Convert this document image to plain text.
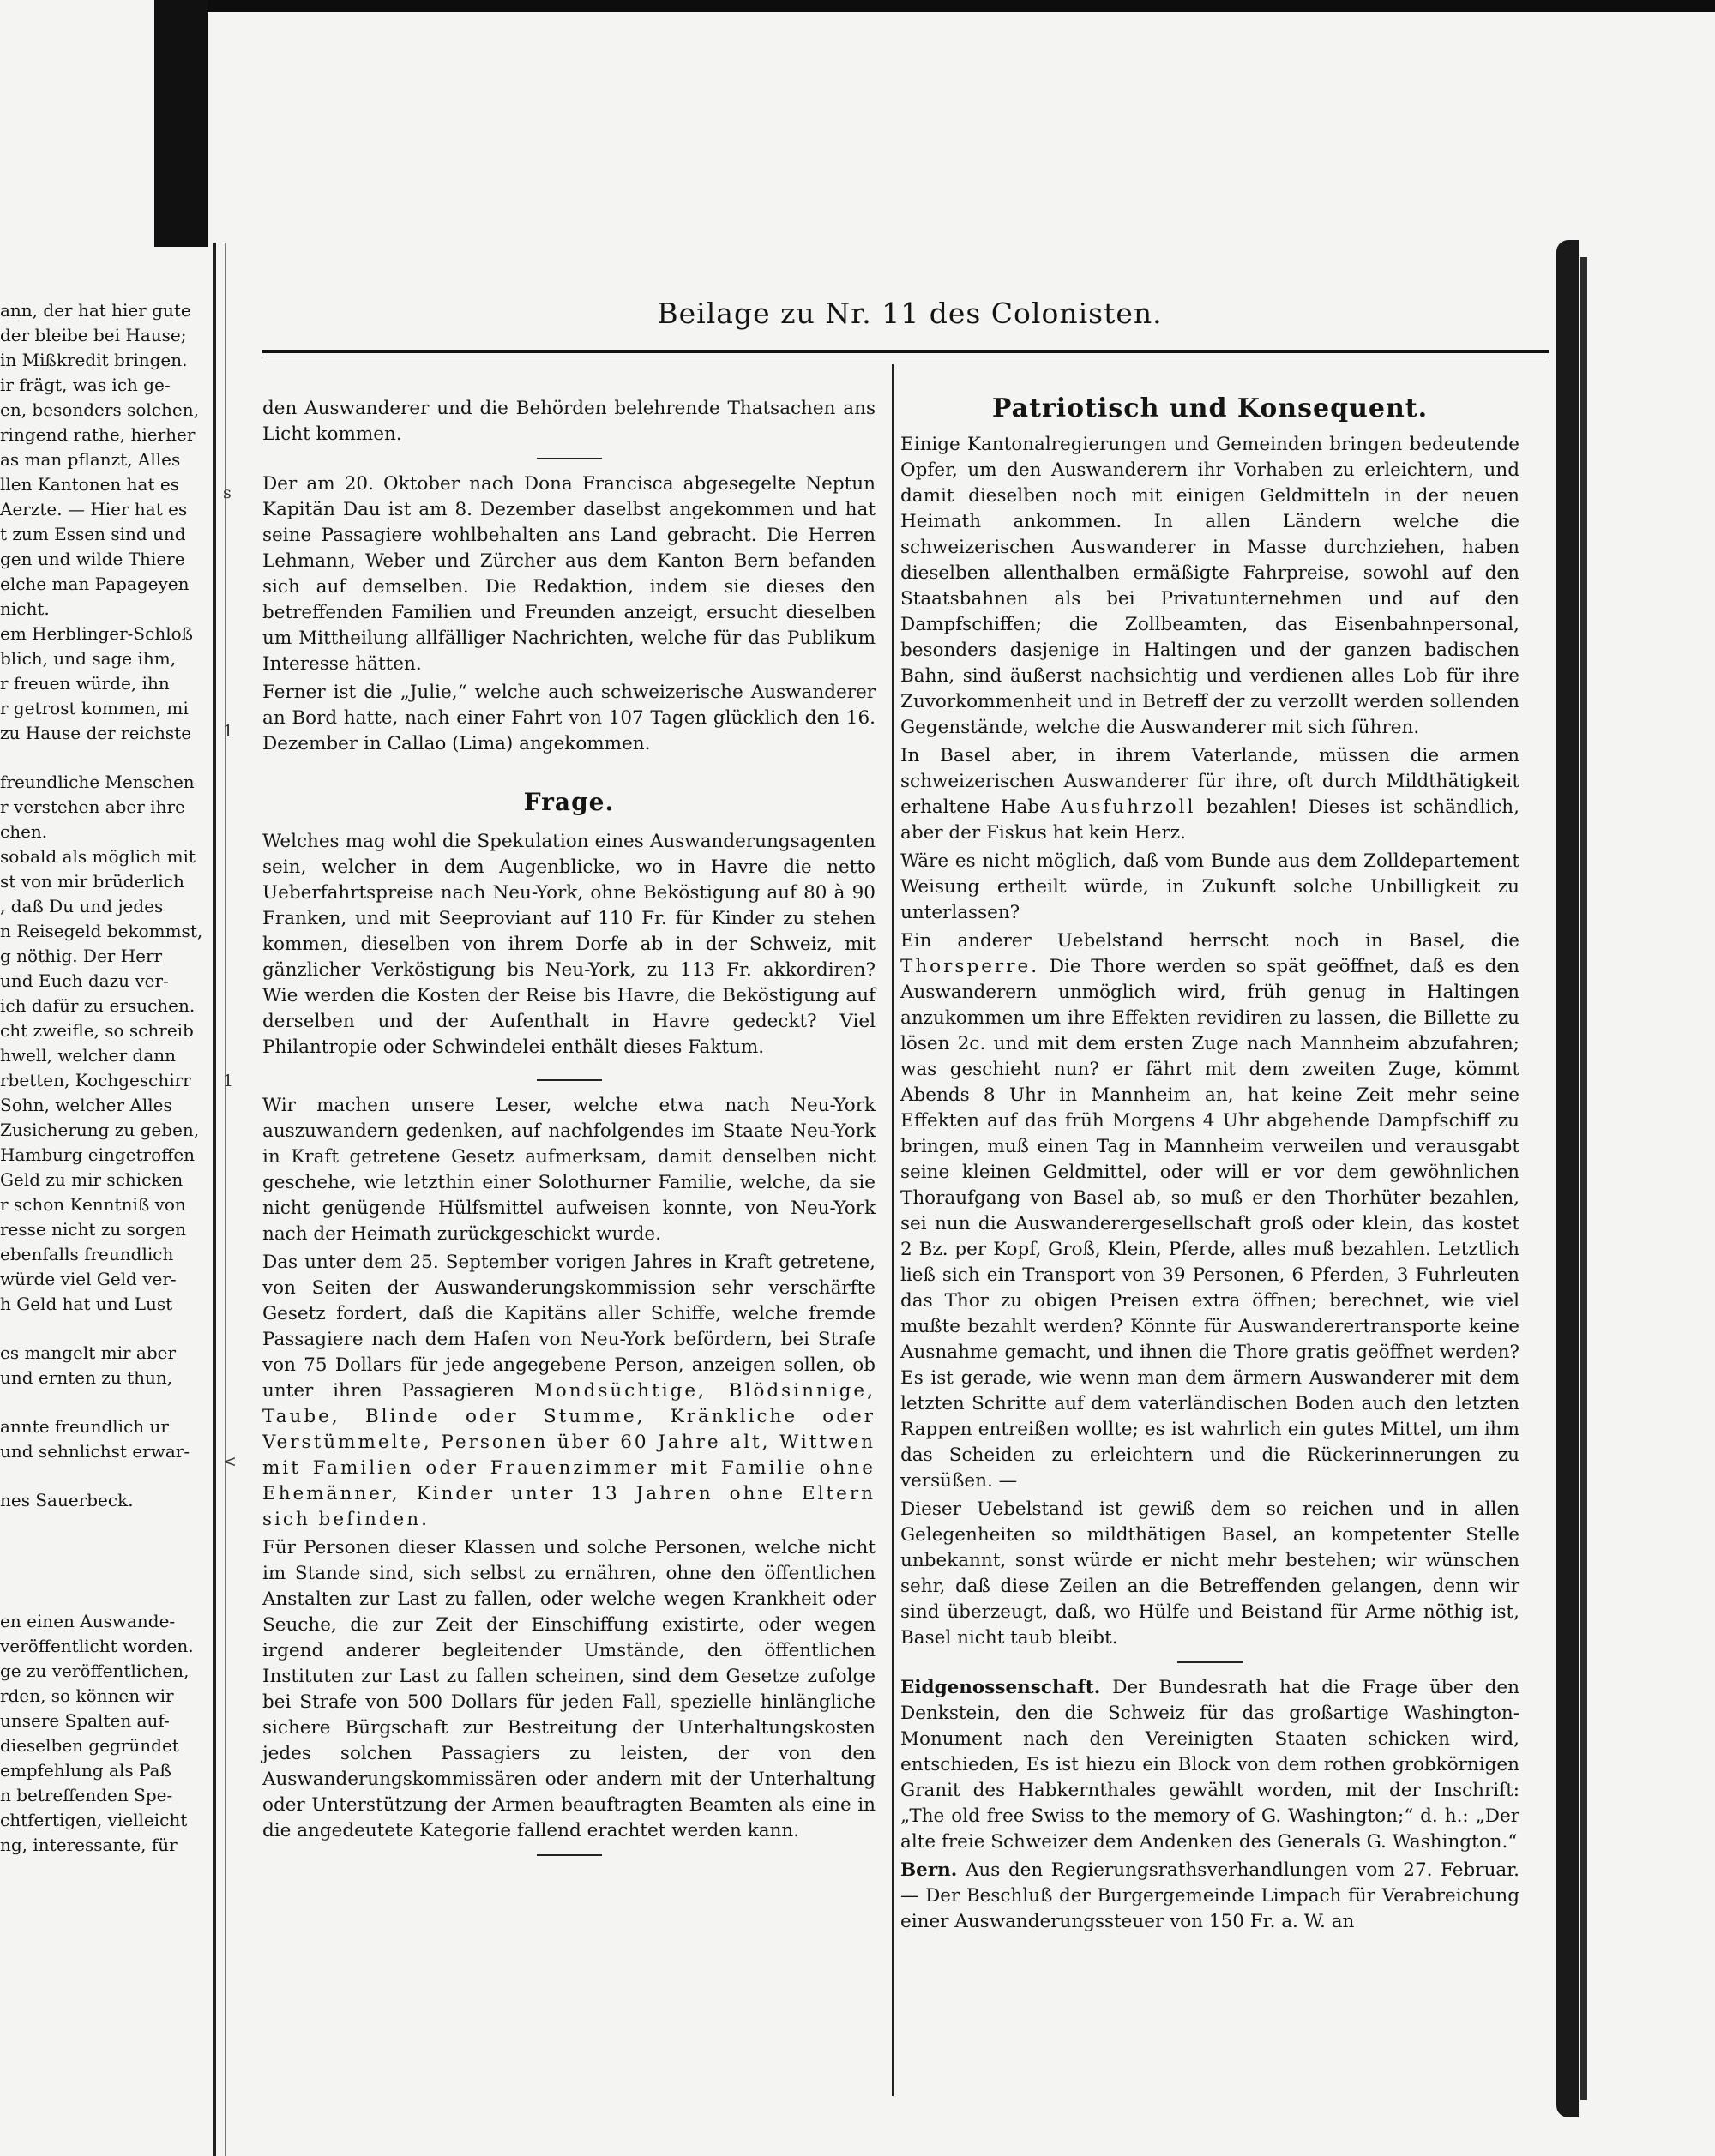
ann, der hat hier gute

der bleibe bei Hause;

in Mißkredit bringen.

ir frägt, was ich ge-

en, besonders solchen,

ringend rathe, hierher

as man pflanzt, Alles

llen Kantonen hat es

Aerzte. — Hier hat es

t zum Essen sind und

gen und wilde Thiere

elche man Papageyen

nicht.

em Herblinger-Schloß

blich, und sage ihm,

r freuen würde, ihn

r getrost kommen, mi

zu Hause der reichste

freundliche Menschen

r verstehen aber ihre

chen.

sobald als möglich mit

st von mir brüderlich

, daß Du und jedes

n Reisegeld bekommst,

g nöthig. Der Herr

und Euch dazu ver-

ich dafür zu ersuchen.

cht zweifle, so schreib

hwell, welcher dann

rbetten, Kochgeschirr

Sohn, welcher Alles

Zusicherung zu geben,

Hamburg eingetroffen

Geld zu mir schicken

r schon Kenntniß von

resse nicht zu sorgen

ebenfalls freundlich

würde viel Geld ver-

h Geld hat und Lust

es mangelt mir aber

und ernten zu thun,

annte freundlich ur

und sehnlichst erwar-

nes Sauerbeck.

en einen Auswande-

veröffentlicht worden.

ge zu veröffentlichen,

rden, so können wir

unsere Spalten auf-

dieselben gegründet

empfehlung als Paß

n betreffenden Spe-

chtfertigen, vielleicht

ng, interessante, für

s
1
1
<
Beilage zu Nr. 11 des Colonisten.

den Auswanderer und die Behörden belehrende Thatsachen ans Licht kommen.

Der am 20. Oktober nach Dona Francisca abgesegelte Neptun Kapitän Dau ist am 8. Dezember daselbst angekommen und hat seine Passagiere wohlbehalten ans Land gebracht. Die Herren Lehmann, Weber und Zürcher aus dem Kanton Bern befanden sich auf demselben. Die Redaktion, indem sie dieses den betreffenden Familien und Freunden anzeigt, ersucht dieselben um Mittheilung allfälliger Nachrichten, welche für das Publikum Interesse hätten.

Ferner ist die „Julie,“ welche auch schweizerische Auswanderer an Bord hatte, nach einer Fahrt von 107 Tagen glücklich den 16. Dezember in Callao (Lima) angekommen.

Frage.

Welches mag wohl die Spekulation eines Auswanderungsagenten sein, welcher in dem Augenblicke, wo in Havre die netto Ueberfahrtspreise nach Neu-York, ohne Beköstigung auf 80 à 90 Franken, und mit Seeproviant auf 110 Fr. für Kinder zu stehen kommen, dieselben von ihrem Dorfe ab in der Schweiz, mit gänzlicher Verköstigung bis Neu-York, zu 113 Fr. akkordiren? Wie werden die Kosten der Reise bis Havre, die Beköstigung auf derselben und der Aufenthalt in Havre gedeckt? Viel Philantropie oder Schwindelei enthält dieses Faktum.

Wir machen unsere Leser, welche etwa nach Neu-York auszuwandern gedenken, auf nachfolgendes im Staate Neu-York in Kraft getretene Gesetz aufmerksam, damit denselben nicht geschehe, wie letzthin einer Solothurner Familie, welche, da sie nicht genügende Hülfsmittel aufweisen konnte, von Neu-York nach der Heimath zurückgeschickt wurde.

Das unter dem 25. September vorigen Jahres in Kraft getretene, von Seiten der Auswanderungskommission sehr verschärfte Gesetz fordert, daß die Kapitäns aller Schiffe, welche fremde Passagiere nach dem Hafen von Neu-York befördern, bei Strafe von 75 Dollars für jede angegebene Person, anzeigen sollen, ob unter ihren Passagieren Mondsüchtige, Blödsinnige, Taube, Blinde oder Stumme, Kränkliche oder Verstümmelte, Personen über 60 Jahre alt, Wittwen mit Familien oder Frauenzimmer mit Familie ohne Ehemänner, Kinder unter 13 Jahren ohne Eltern sich befinden.

Für Personen dieser Klassen und solche Personen, welche nicht im Stande sind, sich selbst zu ernähren, ohne den öffentlichen Anstalten zur Last zu fallen, oder welche wegen Krankheit oder Seuche, die zur Zeit der Einschiffung existirte, oder wegen irgend anderer begleitender Umstände, den öffentlichen Instituten zur Last zu fallen scheinen, sind dem Gesetze zufolge bei Strafe von 500 Dollars für jeden Fall, spezielle hinlängliche sichere Bürgschaft zur Bestreitung der Unterhaltungskosten jedes solchen Passagiers zu leisten, der von den Auswanderungskommissären oder andern mit der Unterhaltung oder Unterstützung der Armen beauftragten Beamten als eine in die angedeutete Kategorie fallend erachtet werden kann.

Patriotisch und Konsequent.

Einige Kantonalregierungen und Gemeinden bringen bedeutende Opfer, um den Auswanderern ihr Vorhaben zu erleichtern, und damit dieselben noch mit einigen Geldmitteln in der neuen Heimath ankommen. In allen Ländern welche die schweizerischen Auswanderer in Masse durchziehen, haben dieselben allenthalben ermäßigte Fahrpreise, sowohl auf den Staatsbahnen als bei Privatunternehmen und auf den Dampfschiffen; die Zollbeamten, das Eisenbahnpersonal, besonders dasjenige in Haltingen und der ganzen badischen Bahn, sind äußerst nachsichtig und verdienen alles Lob für ihre Zuvorkommenheit und in Betreff der zu verzollt werden sollenden Gegenstände, welche die Auswanderer mit sich führen.

In Basel aber, in ihrem Vaterlande, müssen die armen schweizerischen Auswanderer für ihre, oft durch Mildthätigkeit erhaltene Habe Ausfuhrzoll bezahlen! Dieses ist schändlich, aber der Fiskus hat kein Herz.

Wäre es nicht möglich, daß vom Bunde aus dem Zolldepartement Weisung ertheilt würde, in Zukunft solche Unbilligkeit zu unterlassen?

Ein anderer Uebelstand herrscht noch in Basel, die Thorsperre. Die Thore werden so spät geöffnet, daß es den Auswanderern unmöglich wird, früh genug in Haltingen anzukommen um ihre Effekten revidiren zu lassen, die Billette zu lösen 2c. und mit dem ersten Zuge nach Mannheim abzufahren; was geschieht nun? er fährt mit dem zweiten Zuge, kömmt Abends 8 Uhr in Mannheim an, hat keine Zeit mehr seine Effekten auf das früh Morgens 4 Uhr abgehende Dampfschiff zu bringen, muß einen Tag in Mannheim verweilen und verausgabt seine kleinen Geldmittel, oder will er vor dem gewöhnlichen Thoraufgang von Basel ab, so muß er den Thorhüter bezahlen, sei nun die Auswanderergesellschaft groß oder klein, das kostet 2 Bz. per Kopf, Groß, Klein, Pferde, alles muß bezahlen. Letztlich ließ sich ein Transport von 39 Personen, 6 Pferden, 3 Fuhrleuten das Thor zu obigen Preisen extra öffnen; berechnet, wie viel mußte bezahlt werden? Könnte für Auswanderertransporte keine Ausnahme gemacht, und ihnen die Thore gratis geöffnet werden? Es ist gerade, wie wenn man dem ärmern Auswanderer mit dem letzten Schritte auf dem vaterländischen Boden auch den letzten Rappen entreißen wollte; es ist wahrlich ein gutes Mittel, um ihm das Scheiden zu erleichtern und die Rückerinnerungen zu versüßen. —

Dieser Uebelstand ist gewiß dem so reichen und in allen Gelegenheiten so mildthätigen Basel, an kompetenter Stelle unbekannt, sonst würde er nicht mehr bestehen; wir wünschen sehr, daß diese Zeilen an die Betreffenden gelangen, denn wir sind überzeugt, daß, wo Hülfe und Beistand für Arme nöthig ist, Basel nicht taub bleibt.

Eidgenossenschaft. Der Bundesrath hat die Frage über den Denkstein, den die Schweiz für das großartige Washington-Monument nach den Vereinigten Staaten schicken wird, entschieden, Es ist hiezu ein Block von dem rothen grobkörnigen Granit des Habkernthales gewählt worden, mit der Inschrift: „The old free Swiss to the memory of G. Washington;“ d. h.: „Der alte freie Schweizer dem Andenken des Generals G. Washington.“

Bern. Aus den Regierungsrathsverhandlungen vom 27. Februar. — Der Beschluß der Burgergemeinde Limpach für Verabreichung einer Auswanderungssteuer von 150 Fr. a. W. an
